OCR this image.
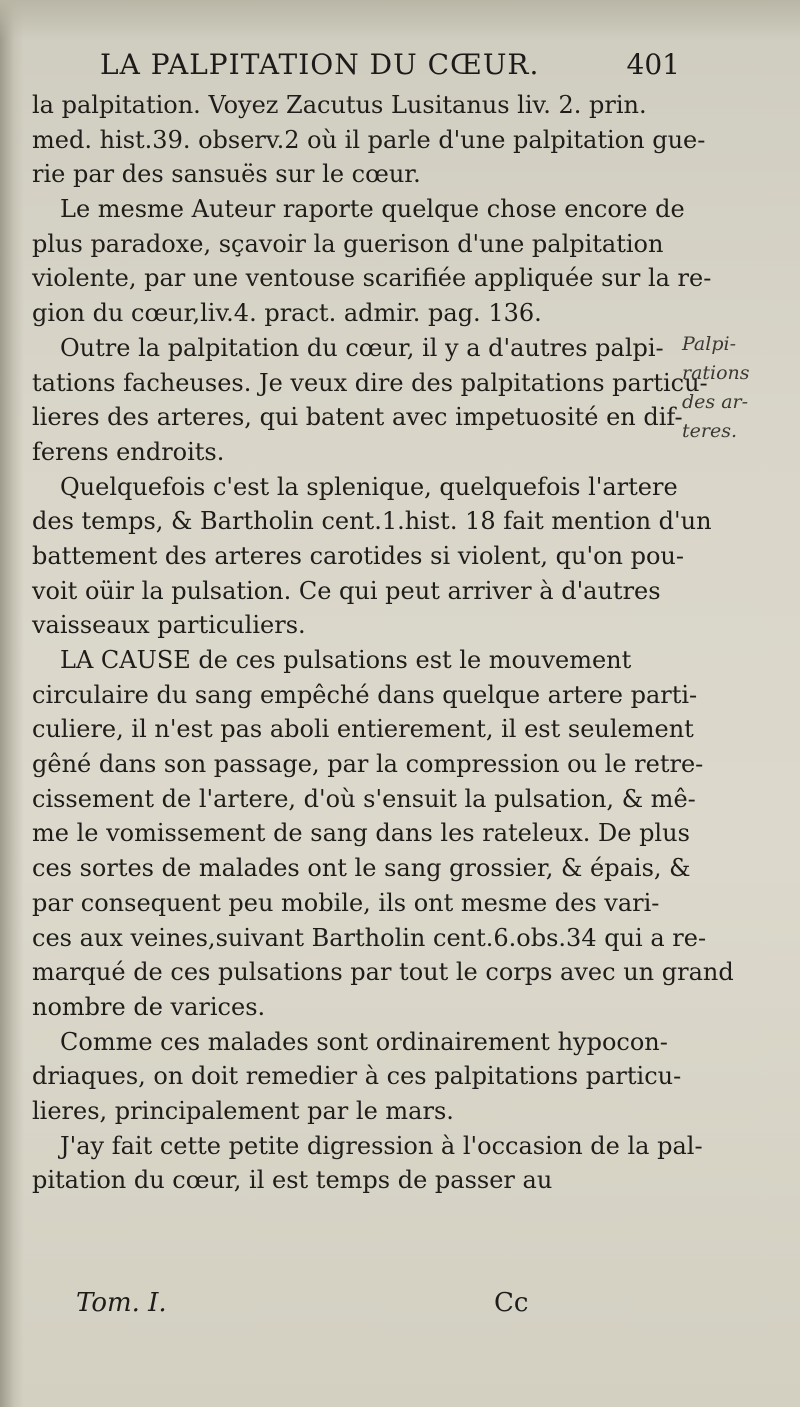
LA PALPITATION DU CŒUR.	401
la palpitation. Voyez Zacutus Lusitanus liv. 2. prin.
med. hist.39. observ.2 où il parle d'une palpitation gue-
rie par des sansuës sur le cœur.
Le mesme Auteur raporte quelque chose encore de
plus paradoxe, sçavoir la guerison d'une palpitation
violente, par une ventouse scarifiée appliquée sur la re-
gion du cœur,liv.4. pract. admir. pag. 136.
Outre la palpitation du cœur, il y a d'autres palpi-
tations facheuses. Je veux dire des palpitations particu-
lieres des arteres, qui batent avec impetuosité en dif-
ferens endroits.
Quelquefois c'est la splenique, quelquefois l'artere
des temps, & Bartholin cent.1.hist. 18 fait mention d'un
battement des arteres carotides si violent, qu'on pou-
voit oüir la pulsation. Ce qui peut arriver à d'autres
vaisseaux particuliers.
LA CAUSE de ces pulsations est le mouvement
circulaire du sang empêché dans quelque artere parti-
culiere, il n'est pas aboli entierement, il est seulement
gêné dans son passage, par la compression ou le retre-
cissement de l'artere, d'où s'ensuit la pulsation, & mê-
me le vomissement de sang dans les rateleux. De plus
ces sortes de malades ont le sang grossier, & épais, &
par consequent peu mobile, ils ont mesme des vari-
ces aux veines,suivant Bartholin cent.6.obs.34 qui a re-
marqué de ces pulsations par tout le corps avec un grand
nombre de varices.
Comme ces malades sont ordinairement hypocon-
driaques, on doit remedier à ces palpitations particu-
lieres, principalement par le mars.
J'ay fait cette petite digression à l'occasion de la pal-
pitation du cœur, il est temps de passer au
Palpi-
rations
des ar-
teres.
Tom. I.	Cc
